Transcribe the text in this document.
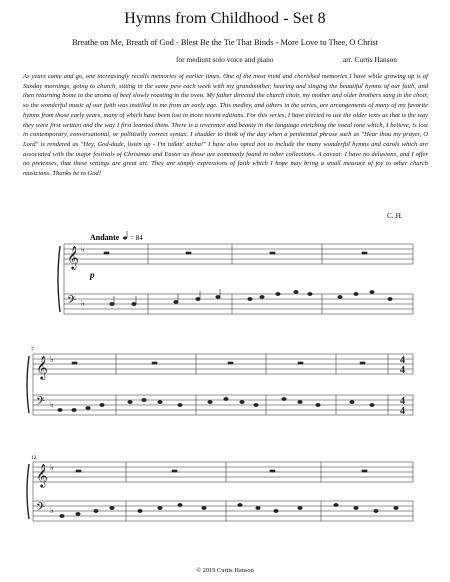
Hymns from Childhood - Set 8
Breathe on Me, Breath of God - Blest Be the Tie That Binds - More Love to Thee, O Christ
for medium solo voice and piano	arr. Curtis Hanson

As years come and go, one increasingly recalls memories of earlier times. One of the most vivid and cherished memories I have while growing up is of Sunday mornings, going to church, sitting in the same pew each week with my grandmother, hearing and singing the beautiful hymns of our faith, and then returning home to the aroma of beef slowly roasting in the oven. My father directed the church choir, my mother and older brothers sang in the choir, so the wonderful music of our faith was instilled in me from an early age. This medley, and others in the series, are arrangements of many of my favorite hymns from those early years, many of which have been lost in more recent editions. For this series, I have elected to use the older texts as that is the way they were first written and the way I first learned them. There is a reverence and beauty in the language enriching the vocal tone which, I believe, is lost in contemporary, conversational, or politically correct syntax. I shudder to think of the day when a penitential phrase such as "Hear thou my prayer, O Lord" is rendered as "Hey, God-dude, listen up - I'm talkin' atcha!" I have also opted not to include the many wonderful hymns and carols which are associated with the major festivals of Christmas and Easter as those are commonly found in other collections. A caveat: I have no delusions, and I offer no pretenses, that these settings are great art. They are simply expressions of faith which I hope may bring a small measure of joy to other church musicians. Thanks be to God!

C. H.
𝄞
𝄢
♭
♭
𝄞
𝄢
♭
♭
𝄞
𝄢
♭
♭
4
4
4
4
Andante = 84
p
7
12
© 2019 Curtis Hanson
